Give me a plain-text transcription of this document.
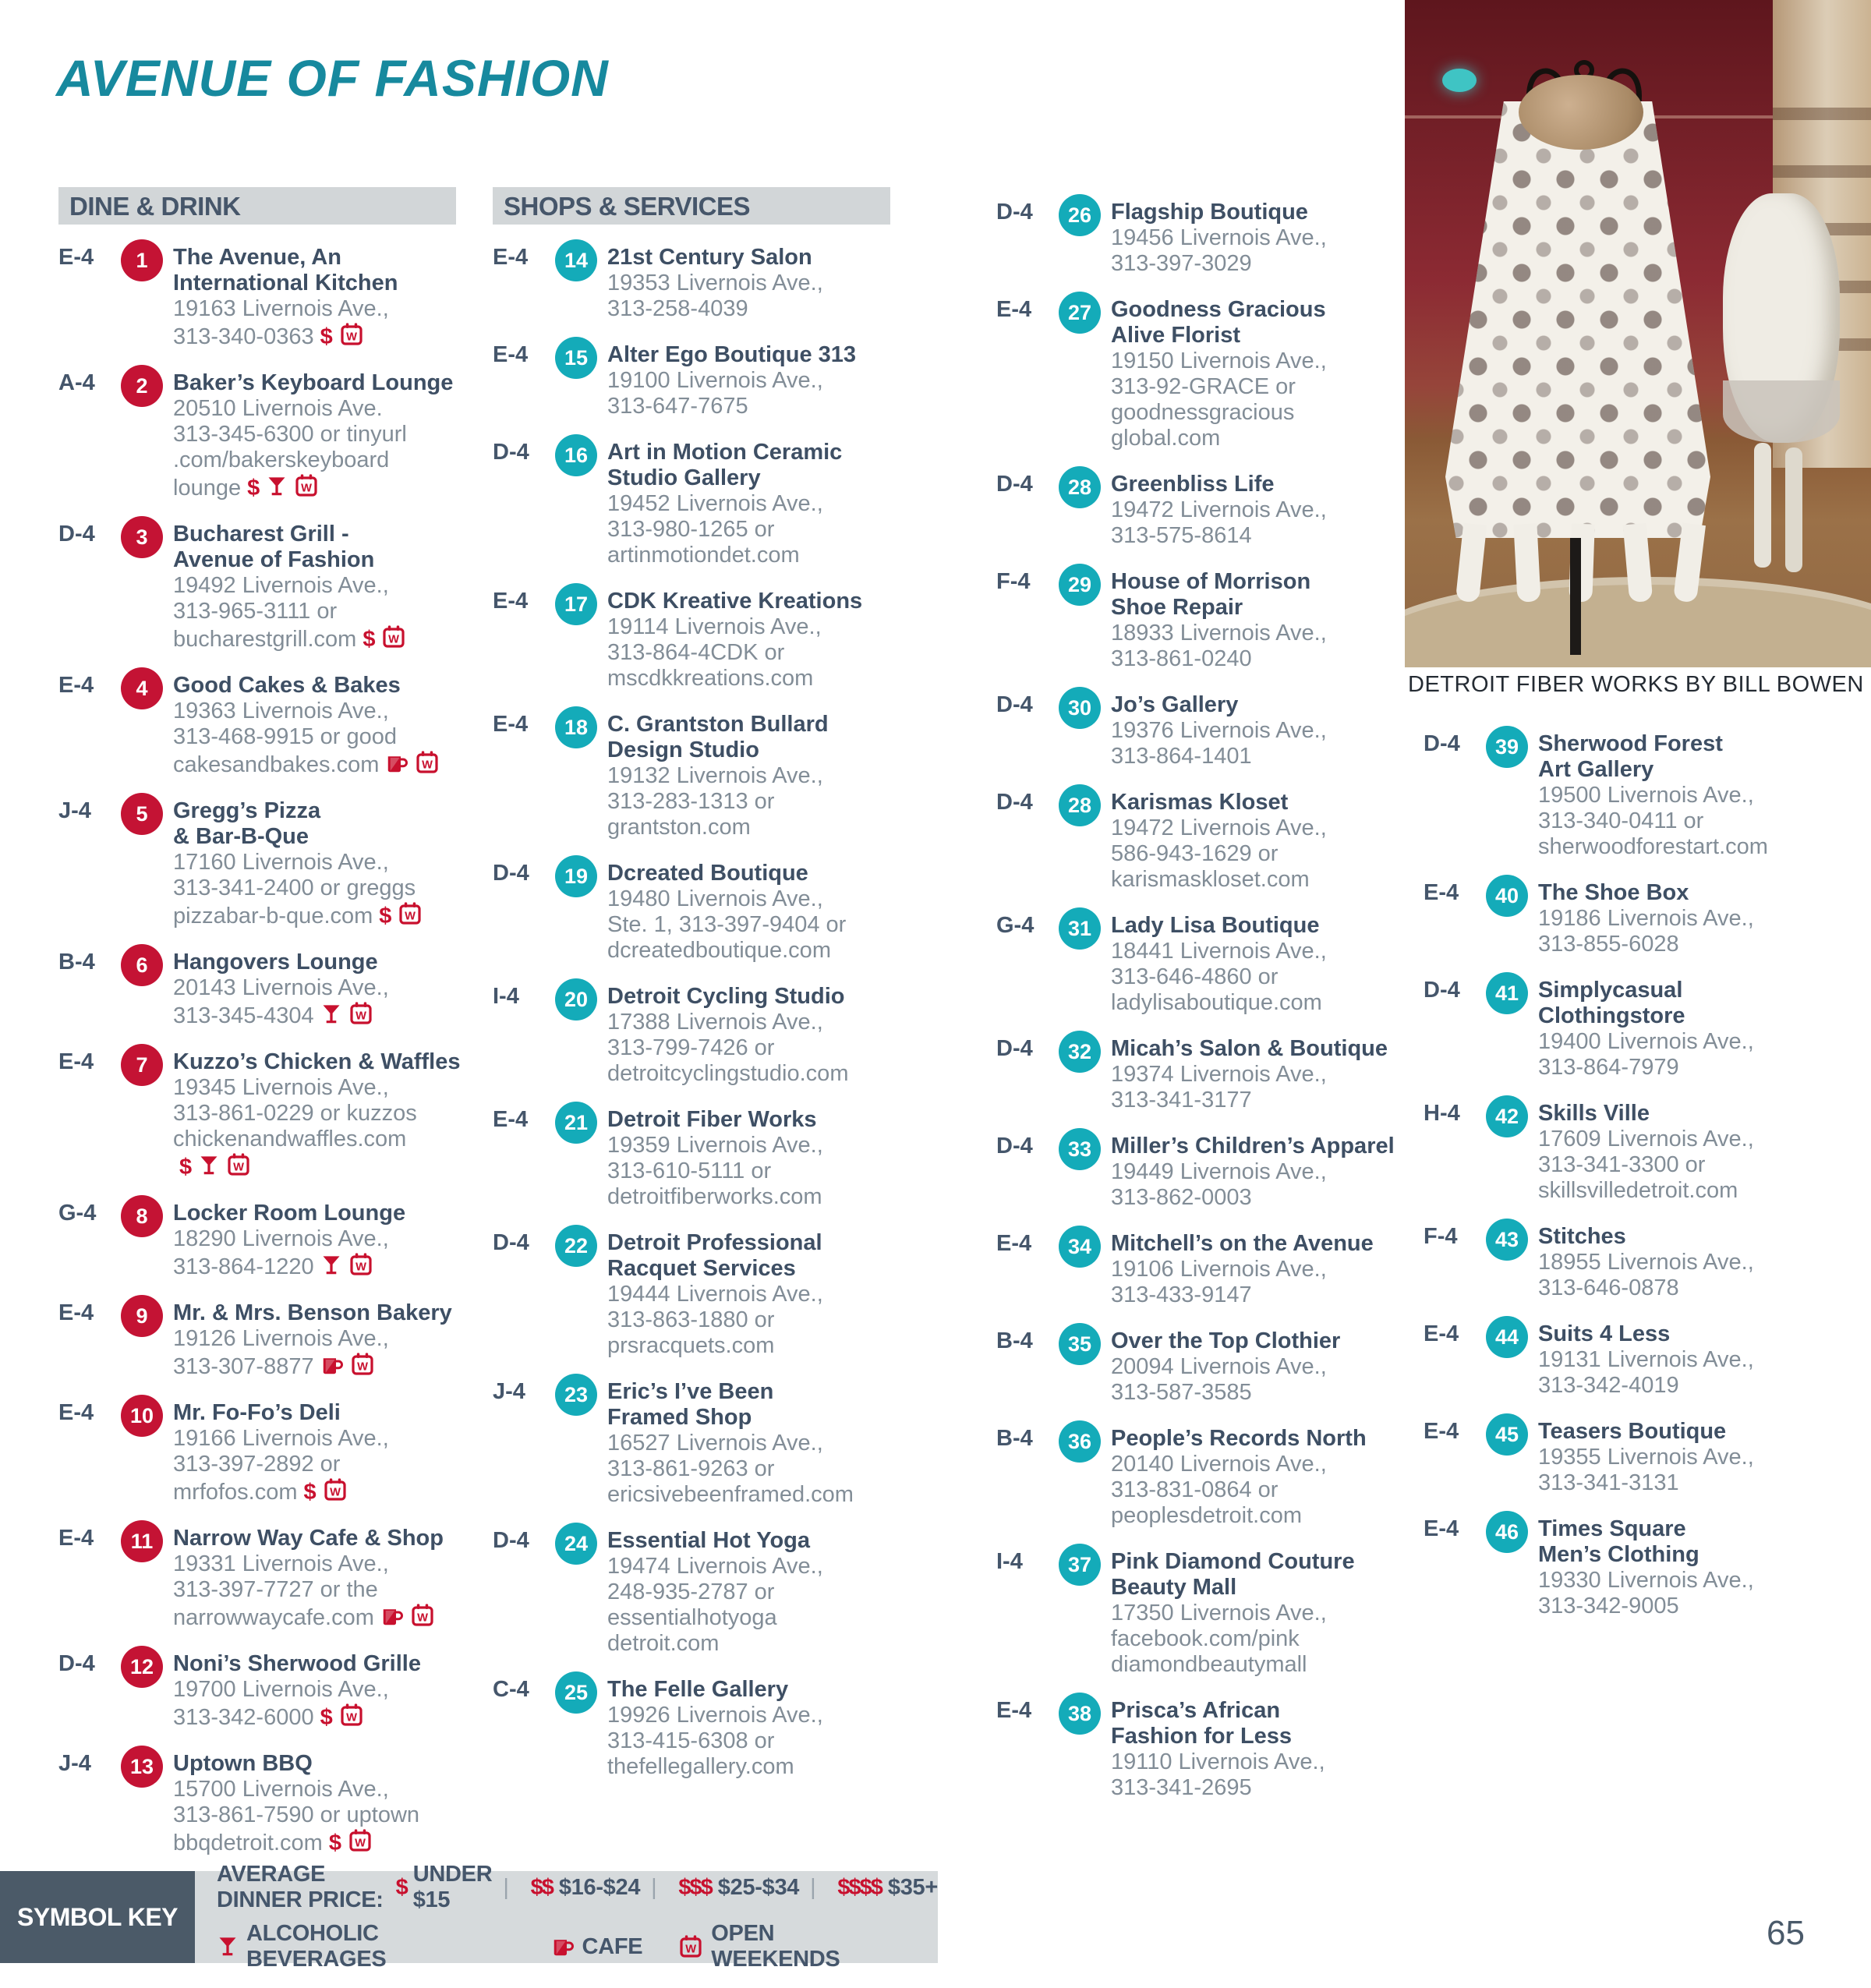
AVENUE OF FASHION
DINE & DRINK
E-4	1	The Avenue, An
International Kitchen
19163 Livernois Ave.,
313-340-0363 $ W
A-4	2	Baker’s Keyboard Lounge
20510 Livernois Ave.
313-345-6300 or tinyurl
.com/bakerskeyboard
lounge $	W
D-4	3	Bucharest Grill -
Avenue of Fashion
19492 Livernois Ave.,
313-965-3111 or
bucharestgrill.com $ W
E-4	4	Good Cakes & Bakes
19363 Livernois Ave.,
313-468-9915 or good
cakesandbakes.com	W
J-4	5	Gregg’s Pizza
& Bar-B-Que
17160 Livernois Ave.,
313-341-2400 or greggs
pizzabar-b-que.com $ W
B-4	6	Hangovers Lounge
20143 Livernois Ave.,
313-345-4304	W
E-4	7	Kuzzo’s Chicken & Waffles
19345 Livernois Ave.,
313-861-0229 or kuzzos
chickenandwaffles.com
$	W
G-4	8	Locker Room Lounge
18290 Livernois Ave.,
313-864-1220	W
E-4	9	Mr. & Mrs. Benson Bakery
19126 Livernois Ave.,
313-307-8877	W
E-4	10 Mr. Fo-Fo’s Deli
19166 Livernois Ave.,
313-397-2892 or
mrfofos.com $ W
E-4	11 Narrow Way Cafe & Shop
19331 Livernois Ave.,
313-397-7727 or the
narrowwaycafe.com	W
D-4	12 Noni’s Sherwood Grille
19700 Livernois Ave.,
313-342-6000 $ W
J-4	13 Uptown BBQ
15700 Livernois Ave.,
313-861-7590 or uptown
bbqdetroit.com $ W
SHOPS & SERVICES
E-4	14 21st Century Salon
19353 Livernois Ave.,
313-258-4039
E-4	15 Alter Ego Boutique 313
19100 Livernois Ave.,
313-647-7675
D-4	16 Art in Motion Ceramic
Studio Gallery
19452 Livernois Ave.,
313-980-1265 or
artinmotiondet.com
E-4	17 CDK Kreative Kreations
19114 Livernois Ave.,
313-864-4CDK or
mscdkkreations.com
E-4	18 C. Grantston Bullard
Design Studio
19132 Livernois Ave.,
313-283-1313 or
grantston.com
D-4	19 Dcreated Boutique
19480 Livernois Ave.,
Ste. 1, 313-397-9404 or
dcreatedboutique.com
I-4	20 Detroit Cycling Studio
17388 Livernois Ave.,
313-799-7426 or
detroitcyclingstudio.com
E-4	21 Detroit Fiber Works
19359 Livernois Ave.,
313-610-5111 or
detroitfiberworks.com
D-4	22 Detroit Professional
Racquet Services
19444 Livernois Ave.,
313-863-1880 or
prsracquets.com
J-4	23 Eric’s I’ve Been
Framed Shop
16527 Livernois Ave.,
313-861-9263 or
ericsivebeenframed.com
D-4	24 Essential Hot Yoga
19474 Livernois Ave.,
248-935-2787 or
essentialhotyoga
detroit.com
C-4	25 The Felle Gallery
19926 Livernois Ave.,
313-415-6308 or
thefellegallery.com
D-4	26 Flagship Boutique
19456 Livernois Ave.,
313-397-3029
E-4	27 Goodness Gracious
Alive Florist
19150 Livernois Ave.,
313-92-GRACE or
goodnessgracious
global.com
D-4	28 Greenbliss Life
19472 Livernois Ave.,
313-575-8614
F-4	29 House of Morrison
Shoe Repair
18933 Livernois Ave.,
313-861-0240
D-4	30 Jo’s Gallery
19376 Livernois Ave.,
313-864-1401
D-4	28 Karismas Kloset
19472 Livernois Ave.,
586-943-1629 or
karismaskloset.com
G-4	31 Lady Lisa Boutique
18441 Livernois Ave.,
313-646-4860 or
ladylisaboutique.com
D-4	32 Micah’s Salon & Boutique
19374 Livernois Ave.,
313-341-3177
D-4	33 Miller’s Children’s Apparel
19449 Livernois Ave.,
313-862-0003
E-4	34 Mitchell’s on the Avenue
19106 Livernois Ave.,
313-433-9147
B-4	35 Over the Top Clothier
20094 Livernois Ave.,
313-587-3585
B-4	36 People’s Records North
20140 Livernois Ave.,
313-831-0864 or
peoplesdetroit.com
I-4	37 Pink Diamond Couture
Beauty Mall
17350 Livernois Ave.,
facebook.com/pink
diamondbeautymall
E-4	38 Prisca’s African
Fashion for Less
19110 Livernois Ave.,
313-341-2695
D-4	39 Sherwood Forest
Art Gallery
19500 Livernois Ave.,
313-340-0411 or
sherwoodforestart.com
E-4	40 The Shoe Box
19186 Livernois Ave.,
313-855-6028
D-4	41 Simplycasual
Clothingstore
19400 Livernois Ave.,
313-864-7979
H-4	42 Skills Ville
17609 Livernois Ave.,
313-341-3300 or
skillsvilledetroit.com
F-4	43 Stitches
18955 Livernois Ave.,
313-646-0878
E-4	44 Suits 4 Less
19131 Livernois Ave.,
313-342-4019
E-4	45 Teasers Boutique
19355 Livernois Ave.,
313-341-3131
E-4	46 Times Square
Men’s Clothing
19330 Livernois Ave.,
313-342-9005
DETROIT FIBER WORKS BY BILL BOWEN
SYMBOL KEY
AVERAGE DINNER PRICE:
$
UNDER $15
| $$ $16-$24 | $$$ $25-$34 | $$$$ $35+
ALCOHOLIC BEVERAGES
CAFE	W
OPEN WEEKENDS
65
